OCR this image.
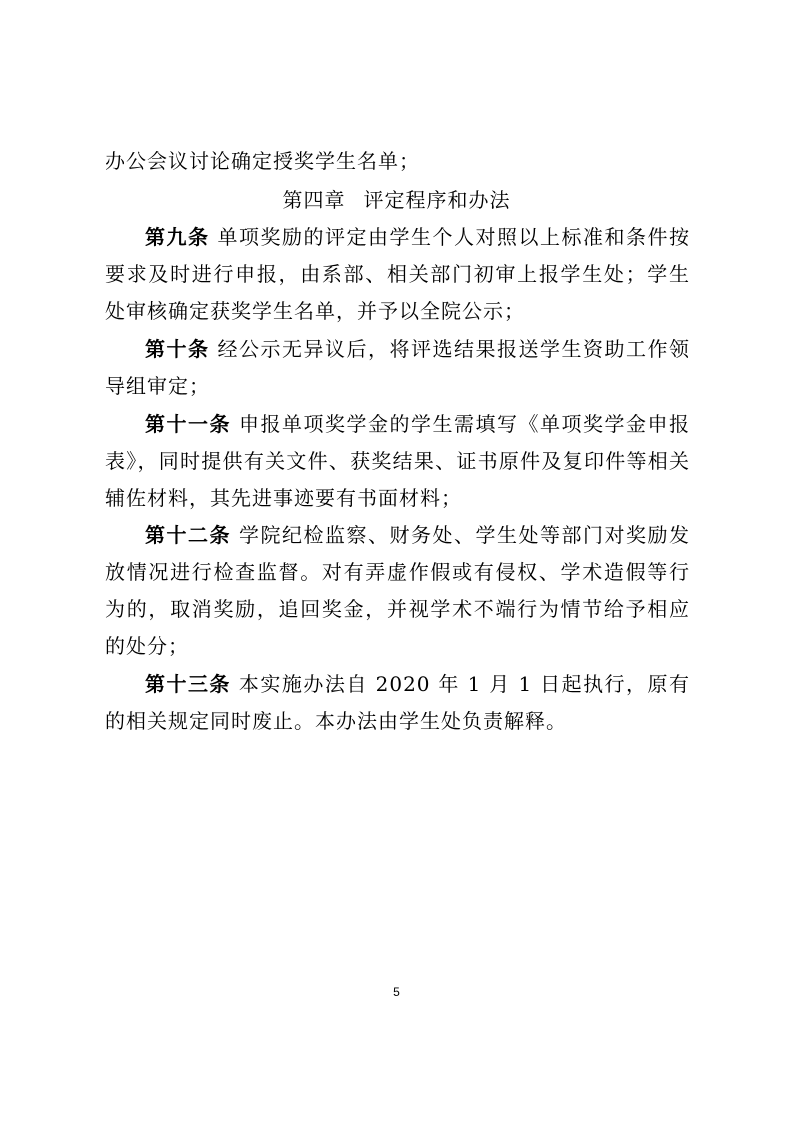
办公会议讨论确定授奖学生名单；
第四章 评定程序和办法

第九条 单项奖励的评定由学生个人对照以上标准和条件按要求及时进行申报，由系部、相关部门初审上报学生处；学生处审核确定获奖学生名单，并予以全院公示；

第十条 经公示无异议后，将评选结果报送学生资助工作领导组审定；

第十一条 申报单项奖学金的学生需填写《单项奖学金申报表》，同时提供有关文件、获奖结果、证书原件及复印件等相关辅佐材料，其先进事迹要有书面材料；

第十二条 学院纪检监察、财务处、学生处等部门对奖励发放情况进行检查监督。对有弄虚作假或有侵权、学术造假等行为的，取消奖励，追回奖金，并视学术不端行为情节给予相应的处分；

第十三条 本实施办法自 2020 年 1 月 1 日起执行，原有的相关规定同时废止。本办法由学生处负责解释。

5
